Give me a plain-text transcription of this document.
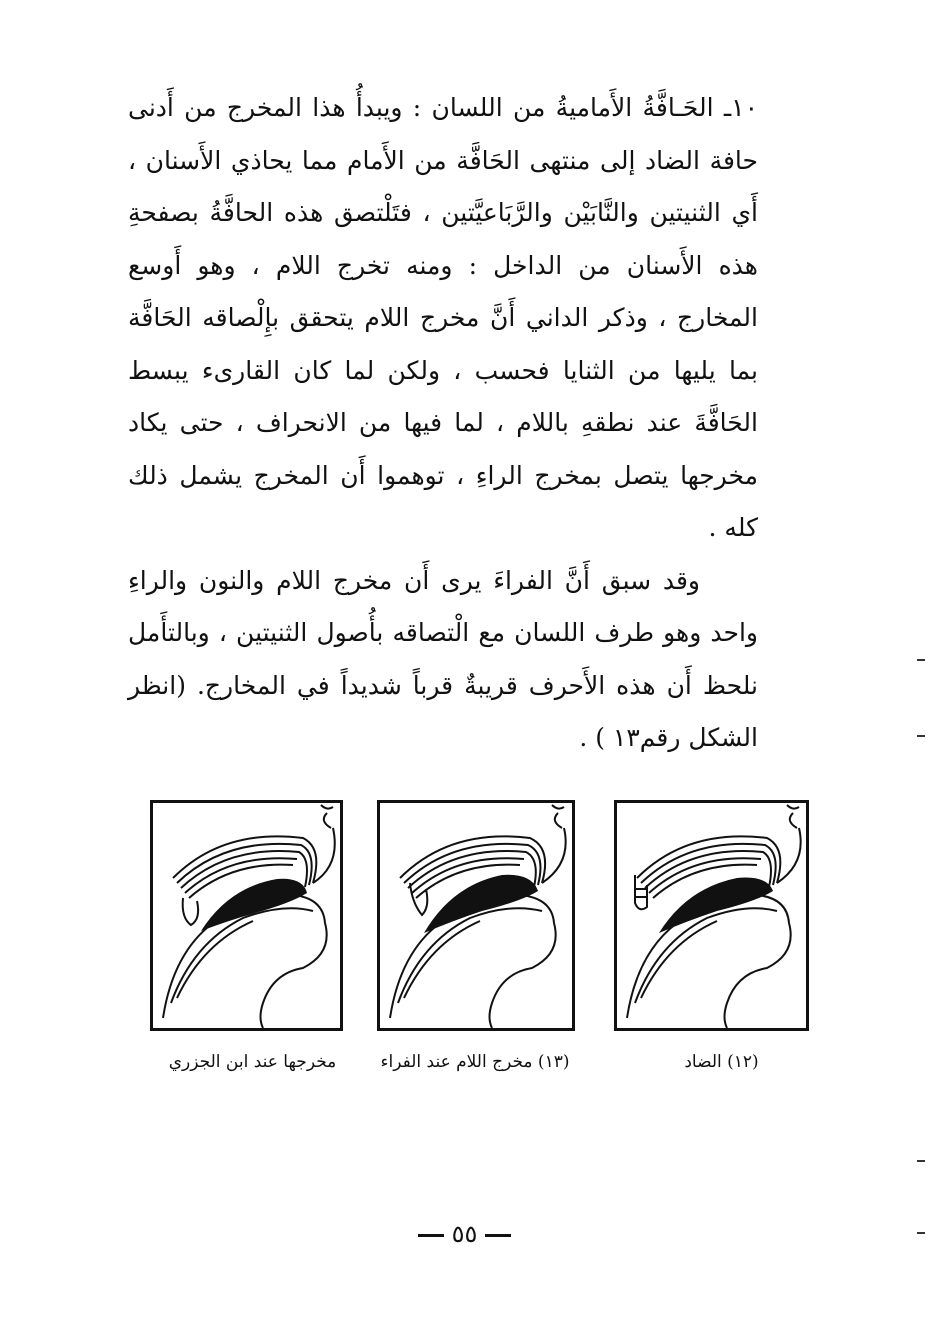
١٠ـ الحَـافَّةُ الأَماميةُ من اللسان : ويبدأُ هذا المخرج من أَدنى حافة الضاد إلى منتهى الحَافَّة من الأَمام مما يحاذي الأَسنان ، أَي الثنيتين والنَّابَيْن والرَّبَاعيَّتين ، فتَلْتصق هذه الحافَّةُ بصفحةِ هذه الأَسنان من الداخل : ومنه تخرج اللام ، وهو أَوسع المخارج ، وذكر الداني أَنَّ مخرج اللام يتحقق بإِلْصاقه الحَافَّة بما يليها من الثنايا فحسب ، ولكن لما كان القارىء يبسط الحَافَّةَ عند نطقهِ باللام ، لما فيها من الانحراف ، حتى يكاد مخرجها يتصل بمخرج الراءِ ، توهموا أَن المخرج يشمل ذلك كله .

وقد سبق أَنَّ الفراءَ يرى أَن مخرج اللام والنون والراءِ واحد وهو طرف اللسان مع الْتصاقه بأُصول الثنيتين ، وبالتأَمل نلحظ أَن هذه الأَحرف قريبةٌ قرباً شديداً في المخارج. (انظر الشكل رقم١٣ ) .

(١٢) الضاد
(١٣) مخرج اللام عند الفراء
مخرجها عند ابن الجزري
٥٥
